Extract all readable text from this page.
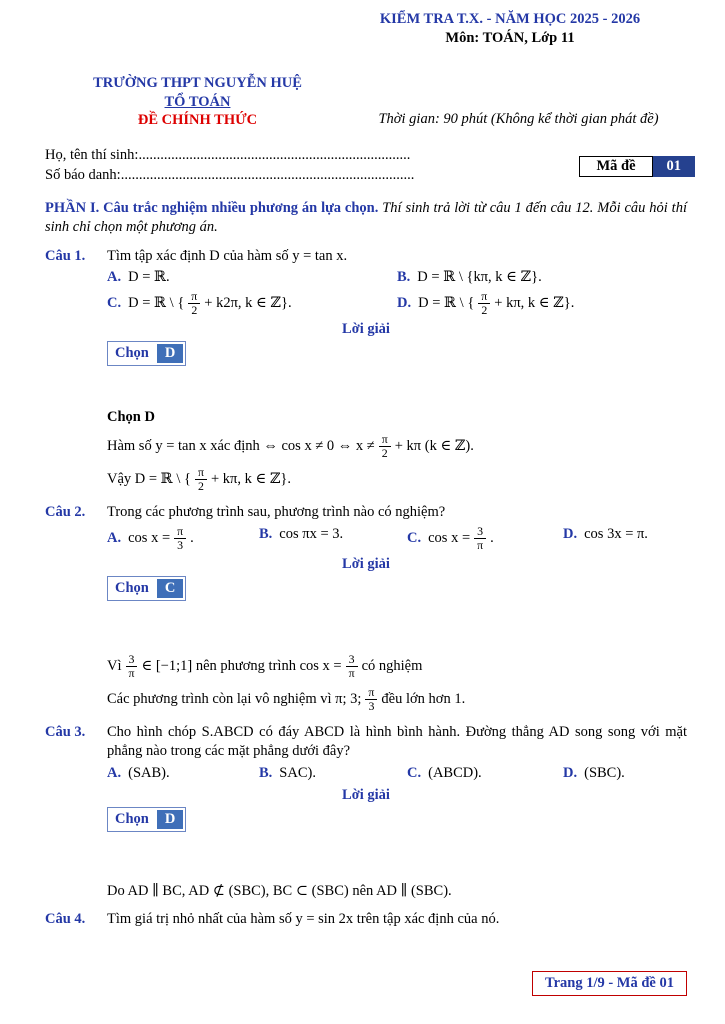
KIỂM TRA T.X. - NĂM HỌC 2025 - 2026
Môn: TOÁN, Lớp 11
TRƯỜNG THPT NGUYỄN HUỆ
TỔ TOÁN
ĐỀ CHÍNH THỨC	Thời gian: 90 phút (Không kể thời gian phát đề)
Họ, tên thí sinh:...........................................................................
Số báo danh:.................................................................................
Mã đề	01

PHẦN I. Câu trắc nghiệm nhiều phương án lựa chọn. Thí sinh trả lời từ câu 1 đến câu 12. Mỗi câu hỏi thí sinh chỉ chọn một phương án.

Câu 1.	Tìm tập xác định D của hàm số y = tan x.
A. D = ℝ.	B. D = ℝ \ {kπ, k ∈ ℤ}.
C. D = ℝ \ { $\frac{\pi}{2} + k2\pi$, k ∈ ℤ}.	D. D = ℝ \ { $\frac{\pi}{2} + k\pi$, k ∈ ℤ}.
Lời giải
Chọn	D
Chọn D
Hàm số y = tan x xác định ⇔ cos x ≠ 0 ⇔ $x \ne \frac{\pi}{2} + k\pi$ (k ∈ ℤ).
Vậy D = ℝ \ { $\frac{\pi}{2} + k\pi$, k ∈ ℤ}.
Câu 2.	Trong các phương trình sau, phương trình nào có nghiệm?
A. $\cos x = \frac{\pi}{3}$ .	B. cos πx = 3.	C. $\cos x = \frac{3}{\pi}$ .	D. cos 3x = π.
Lời giải
Chọn	C
Vì $\frac{3}{\pi}$ ∈ [−1;1] nên phương trình $\cos x = \frac{3}{\pi}$ có nghiệm
Các phương trình còn lại vô nghiệm vì π; 3; $\frac{\pi}{3}$ đều lớn hơn 1.
Câu 3.	Cho hình chóp S.ABCD có đáy ABCD là hình bình hành. Đường thẳng AD song song với mặt phẳng nào trong các mặt phẳng dưới đây?
A. (SAB).	B. SAC).	C. (ABCD).	D. (SBC).
Lời giải
Chọn	D
Do AD ∥ BC, AD ⊄ (SBC), BC ⊂ (SBC) nên AD ∥ (SBC).
Câu 4.	Tìm giá trị nhỏ nhất của hàm số y = sin 2x trên tập xác định của nó.
Trang 1/9 - Mã đề 01
